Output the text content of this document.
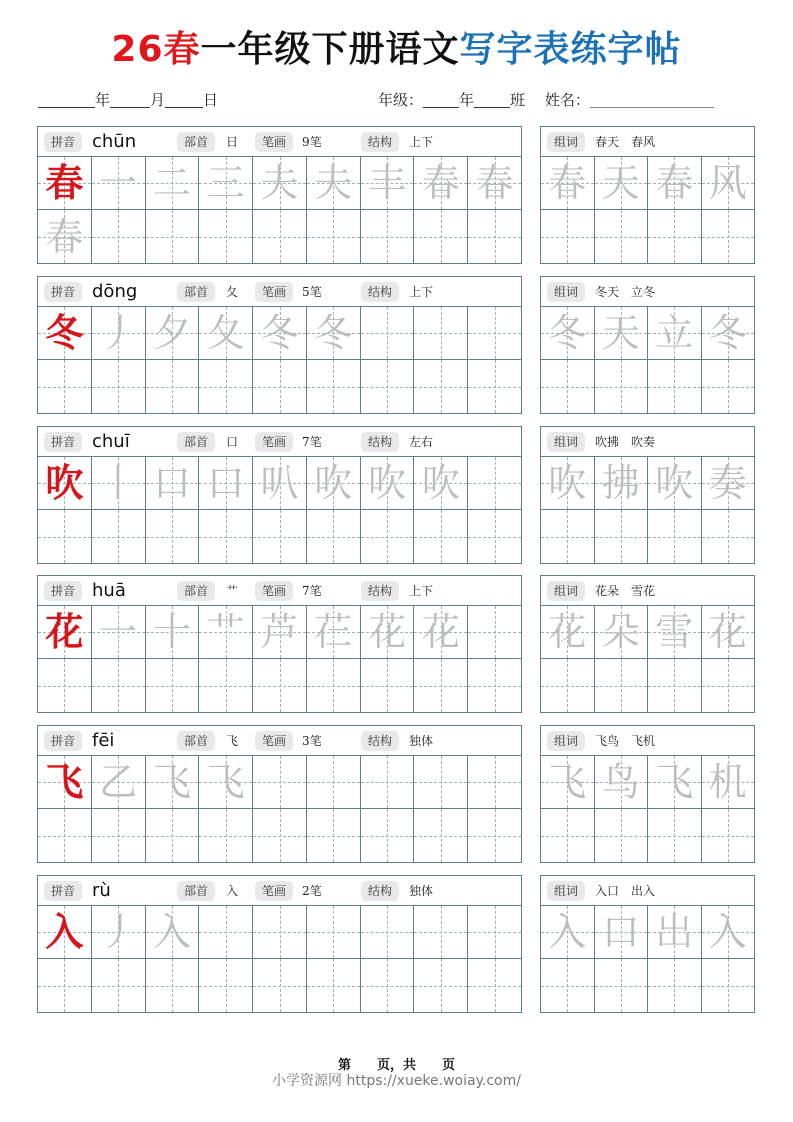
26春一年级下册语文写字表练字帖
年	月	日	年级： 年 班 姓名：
拼音 chūn	部首	日	笔画	9笔	结构	上下
春 一 二 三 夫 夫 丰 春 春
春
组词	春天　春风
春 天 春 风
拼音 dōng	部首	夂	笔画	5笔	结构	上下
冬 丿 夕 夂 冬 冬
组词	冬天　立冬
冬 天 立 冬
拼音 chuī	部首	口	笔画	7笔	结构	左右
吹 丨 口 口 叭 吹 吹 吹
组词	吹拂　吹奏
吹 拂 吹 奏
拼音 huā	部首	艹	笔画	7笔	结构	上下
花 一 十 艹 芦 芢 花 花
组词	花朵　雪花
花 朵 雪 花
拼音 fēi	部首	飞	笔画	3笔	结构	独体
飞 乙 飞 飞
组词	飞鸟　飞机
飞 鸟 飞 机
拼音 rù	部首	入	笔画	2笔	结构	独体
入 丿 入
组词	入口　出入
入 口 出 入
第　　页，共　　页
小学资源网 https://xueke.woiay.com/
